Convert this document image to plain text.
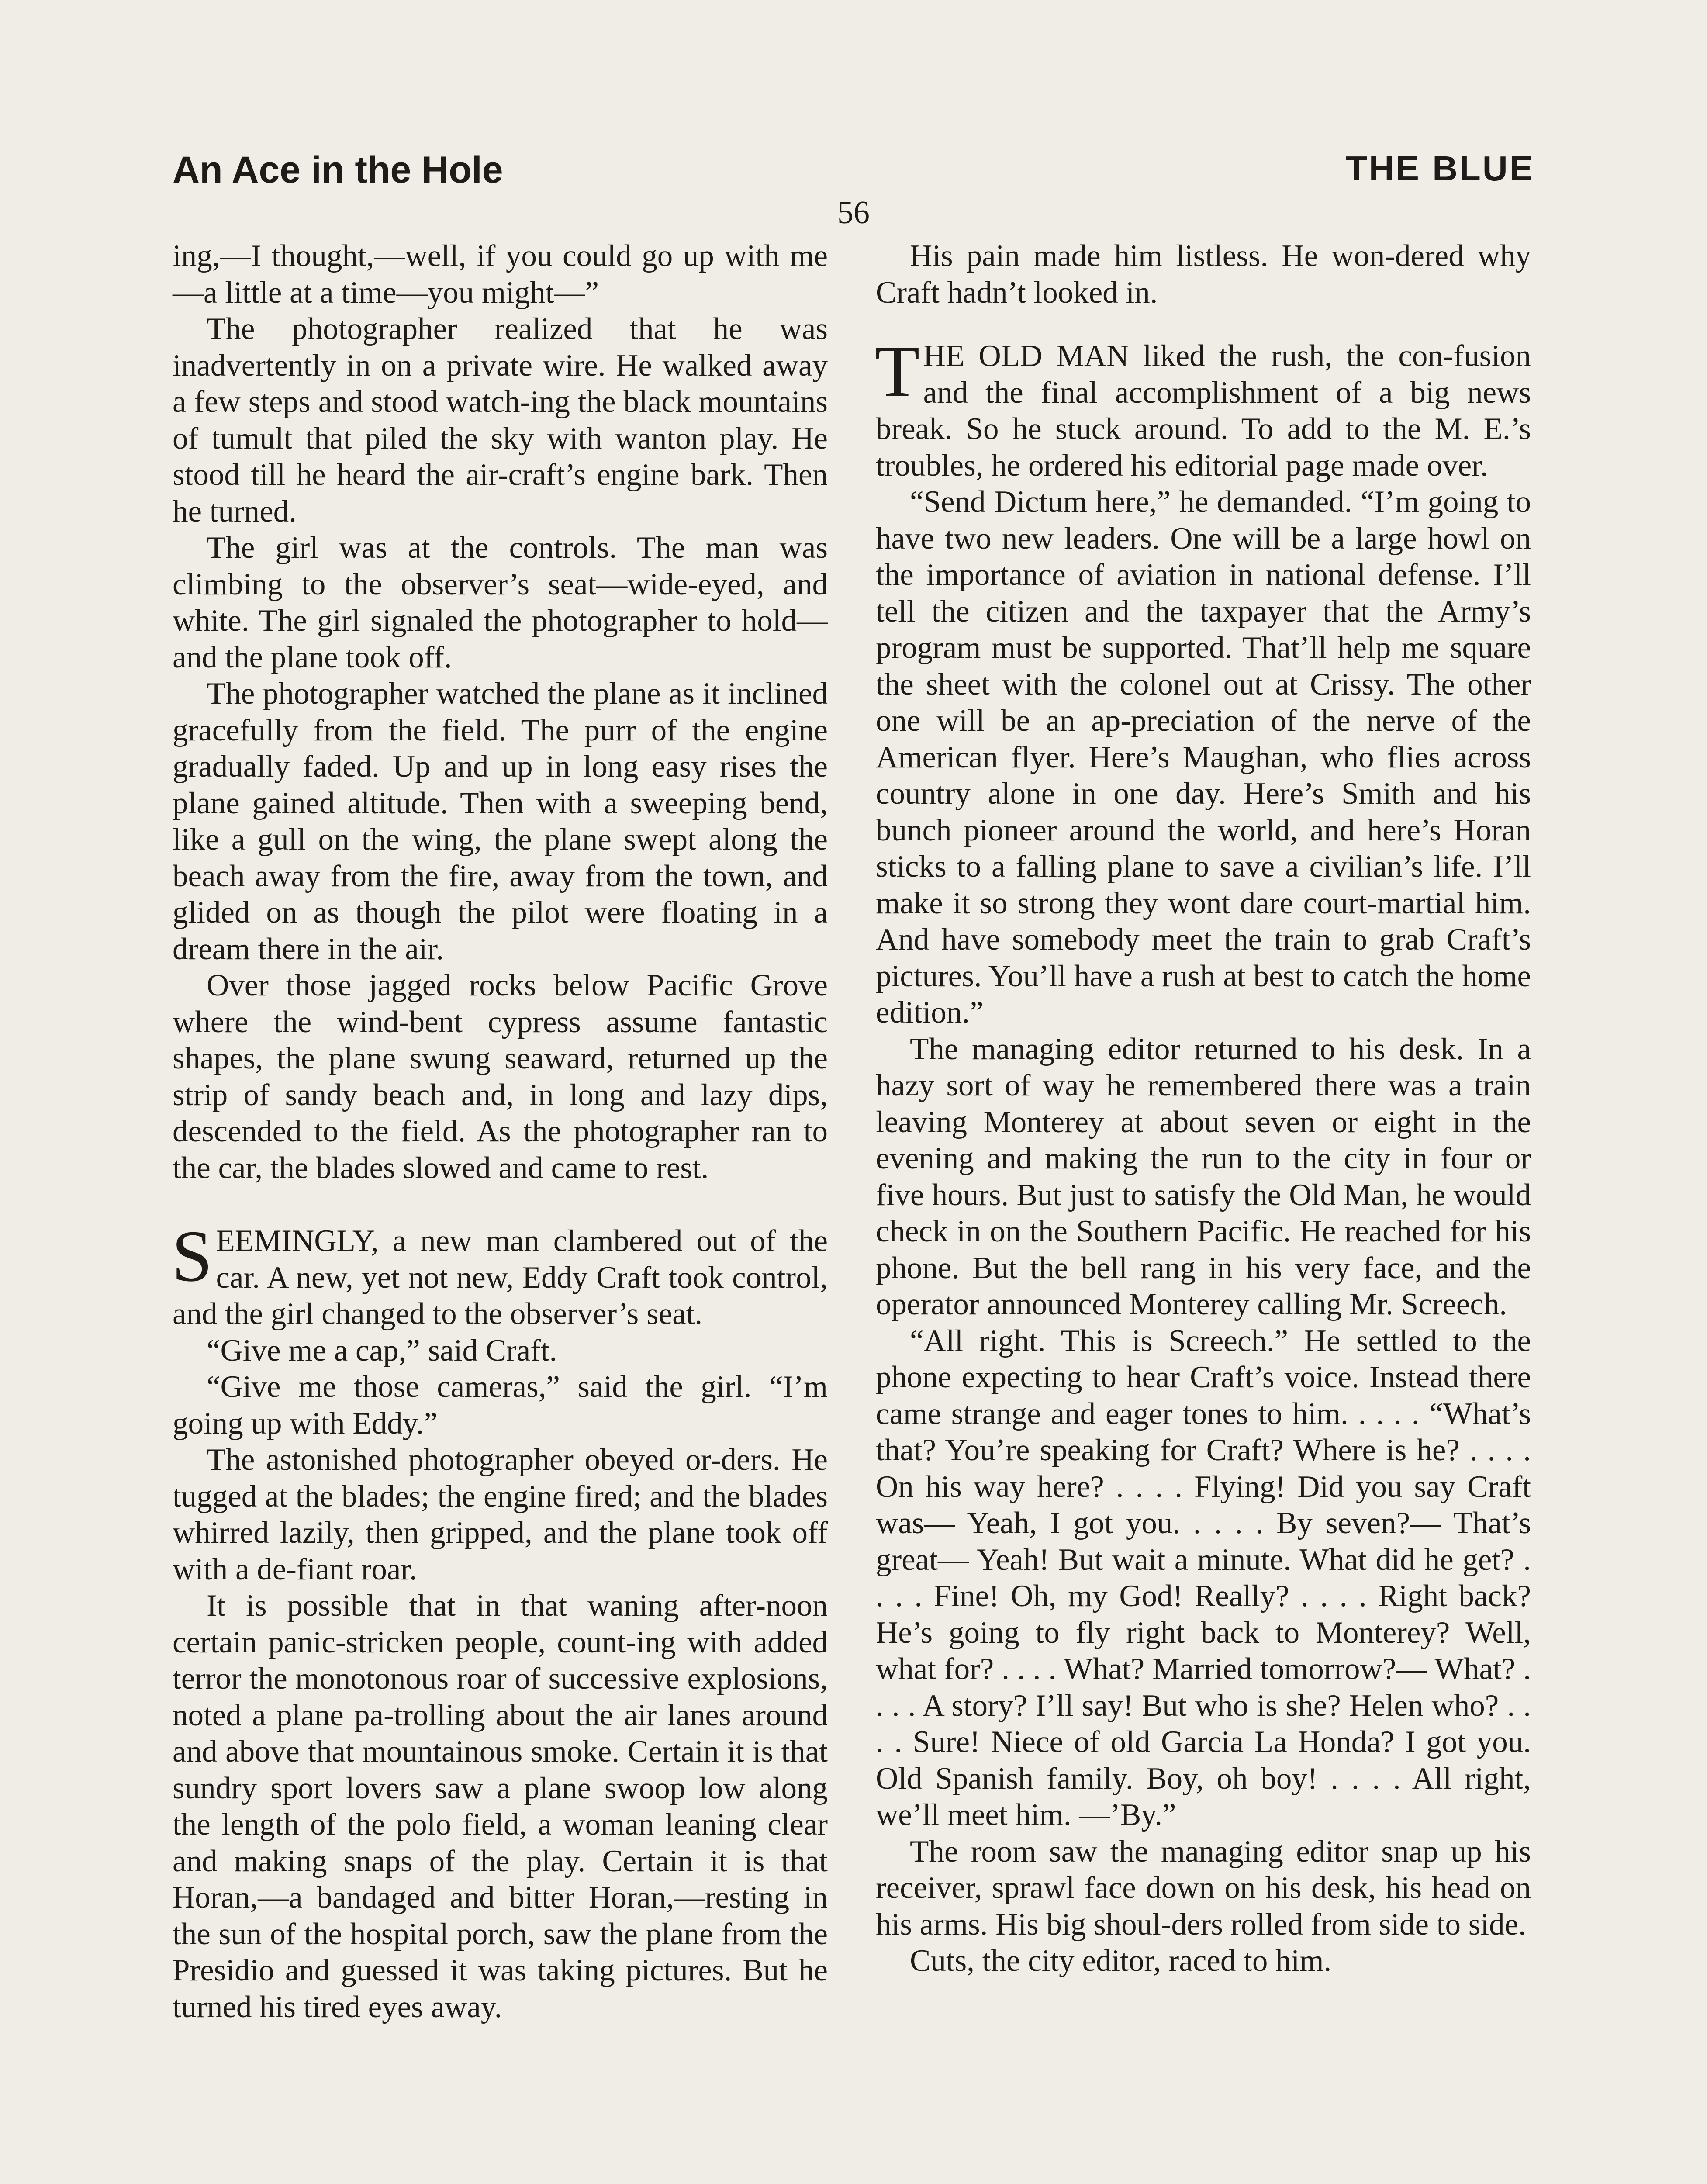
An Ace in the Hole	THE BLUE
56

ing,—I thought,—well, if you could go up with me—a little at a time—you might—”

The photographer realized that he was inadvertently in on a private wire. He walked away a few steps and stood watch-ing the black mountains of tumult that piled the sky with wanton play. He stood till he heard the air-craft’s engine bark. Then he turned.

The girl was at the controls. The man was climbing to the observer’s seat—wide-eyed, and white. The girl signaled the photographer to hold—and the plane took off.

The photographer watched the plane as it inclined gracefully from the field. The purr of the engine gradually faded. Up and up in long easy rises the plane gained altitude. Then with a sweeping bend, like a gull on the wing, the plane swept along the beach away from the fire, away from the town, and glided on as though the pilot were floating in a dream there in the air.

Over those jagged rocks below Pacific Grove where the wind-bent cypress assume fantastic shapes, the plane swung seaward, returned up the strip of sandy beach and, in long and lazy dips, descended to the field. As the photographer ran to the car, the blades slowed and came to rest.

SEEMINGLY, a new man clambered out of the car. A new, yet not new, Eddy Craft took control, and the girl changed to the observer’s seat.

“Give me a cap,” said Craft.

“Give me those cameras,” said the girl. “I’m going up with Eddy.”

The astonished photographer obeyed or-ders. He tugged at the blades; the engine fired; and the blades whirred lazily, then gripped, and the plane took off with a de-fiant roar.

It is possible that in that waning after-noon certain panic-stricken people, count-ing with added terror the monotonous roar of successive explosions, noted a plane pa-trolling about the air lanes around and above that mountainous smoke. Certain it is that sundry sport lovers saw a plane swoop low along the length of the polo field, a woman leaning clear and making snaps of the play. Certain it is that Horan,—a bandaged and bitter Horan,—resting in the sun of the hospital porch, saw the plane from the Presidio and guessed it was taking pictures. But he turned his tired eyes away.

His pain made him listless. He won-dered why Craft hadn’t looked in.

THE OLD MAN liked the rush, the con-fusion and the final accomplishment of a big news break. So he stuck around. To add to the M. E.’s troubles, he ordered his editorial page made over.

“Send Dictum here,” he demanded. “I’m going to have two new leaders. One will be a large howl on the importance of aviation in national defense. I’ll tell the citizen and the taxpayer that the Army’s program must be supported. That’ll help me square the sheet with the colonel out at Crissy. The other one will be an ap-preciation of the nerve of the American flyer. Here’s Maughan, who flies across country alone in one day. Here’s Smith and his bunch pioneer around the world, and here’s Horan sticks to a falling plane to save a civilian’s life. I’ll make it so strong they wont dare court-martial him. And have somebody meet the train to grab Craft’s pictures. You’ll have a rush at best to catch the home edition.”

The managing editor returned to his desk. In a hazy sort of way he remembered there was a train leaving Monterey at about seven or eight in the evening and making the run to the city in four or five hours. But just to satisfy the Old Man, he would check in on the Southern Pacific. He reached for his phone. But the bell rang in his very face, and the operator announced Monterey calling Mr. Screech.

“All right. This is Screech.” He settled to the phone expecting to hear Craft’s voice. Instead there came strange and eager tones to him. . . . . “What’s that? You’re speaking for Craft? Where is he? . . . . On his way here? . . . . Flying! Did you say Craft was— Yeah, I got you. . . . . By seven?— That’s great— Yeah! But wait a minute. What did he get? . . . . Fine! Oh, my God! Really? . . . . Right back? He’s going to fly right back to Monterey? Well, what for? . . . . What? Married tomorrow?— What? . . . . A story? I’ll say! But who is she? Helen who? . . . . Sure! Niece of old Garcia La Honda? I got you. Old Spanish family. Boy, oh boy! . . . . All right, we’ll meet him. —’By.”

The room saw the managing editor snap up his receiver, sprawl face down on his desk, his head on his arms. His big shoul-ders rolled from side to side.

Cuts, the city editor, raced to him.
